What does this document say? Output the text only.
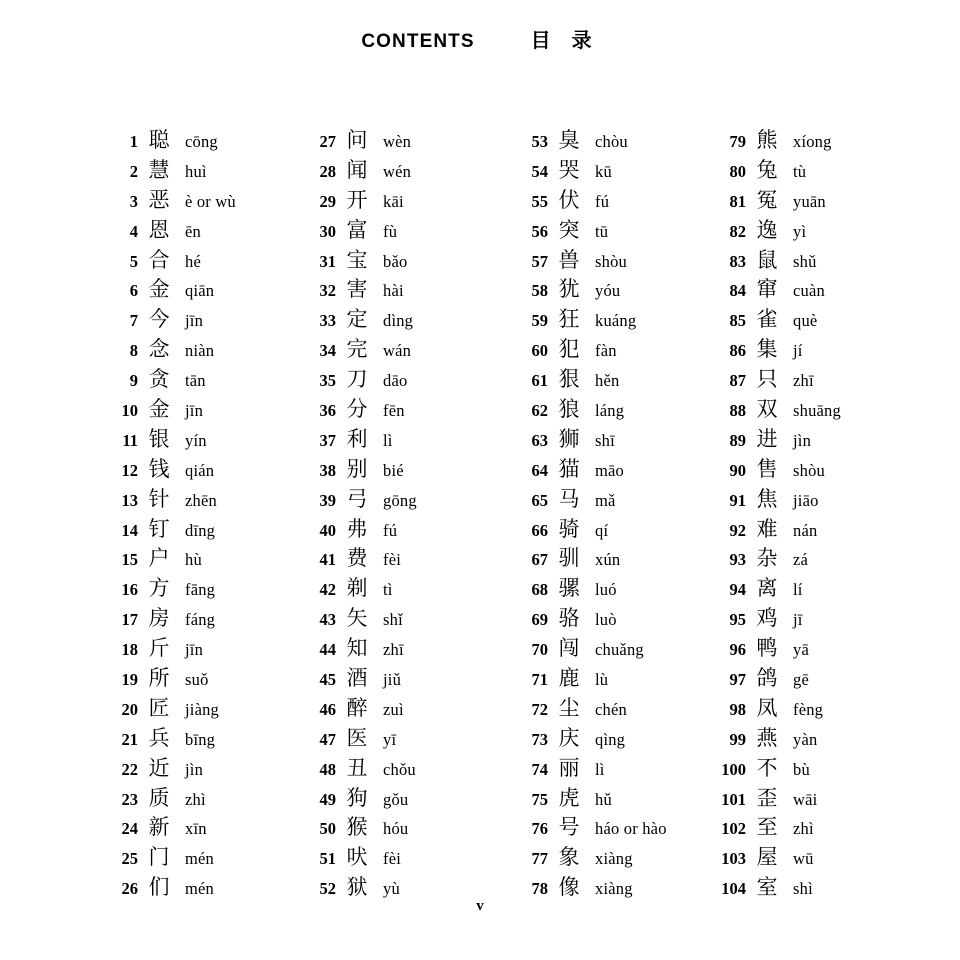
CONTENTS	目 录
1 聪 cōng
2 慧 huì
3 恶 è or wù
4 恩 ēn
5 合 hé
6 金 qiān
7 今 jīn
8 念 niàn
9 贪 tān
10 金 jīn
11 银 yín
12 钱 qián
13 针 zhēn
14 钉 dīng
15 户 hù
16 方 fāng
17 房 fáng
18 斤 jīn
19 所 suǒ
20 匠 jiàng
21 兵 bīng
22 近 jìn
23 质 zhì
24 新 xīn
25 门 mén
26 们 mén
27 问 wèn
28 闻 wén
29 开 kāi
30 富 fù
31 宝 bǎo
32 害 hài
33 定 dìng
34 完 wán
35 刀 dāo
36 分 fēn
37 利 lì
38 别 bié
39 弓 gōng
40 弗 fú
41 费 fèi
42 剃 tì
43 矢 shǐ
44 知 zhī
45 酒 jiǔ
46 醉 zuì
47 医 yī
48 丑 chǒu
49 狗 gǒu
50 猴 hóu
51 吠 fèi
52 狱 yù
53 臭 chòu
54 哭 kū
55 伏 fú
56 突 tū
57 兽 shòu
58 犹 yóu
59 狂 kuáng
60 犯 fàn
61 狠 hěn
62 狼 láng
63 狮 shī
64 猫 māo
65 马 mǎ
66 骑 qí
67 驯 xún
68 骡 luó
69 骆 luò
70 闯 chuǎng
71 鹿 lù
72 尘 chén
73 庆 qìng
74 丽 lì
75 虎 hǔ
76 号 háo or hào
77 象 xiàng
78 像 xiàng
79 熊 xíong
80 兔 tù
81 冤 yuān
82 逸 yì
83 鼠 shǔ
84 窜 cuàn
85 雀 què
86 集 jí
87 只 zhī
88 双 shuāng
89 进 jìn
90 售 shòu
91 焦 jiāo
92 难 nán
93 杂 zá
94 离 lí
95 鸡 jī
96 鸭 yā
97 鸽 gē
98 凤 fèng
99 燕 yàn
100 不 bù
101 歪 wāi
102 至 zhì
103 屋 wū
104 室 shì
v
